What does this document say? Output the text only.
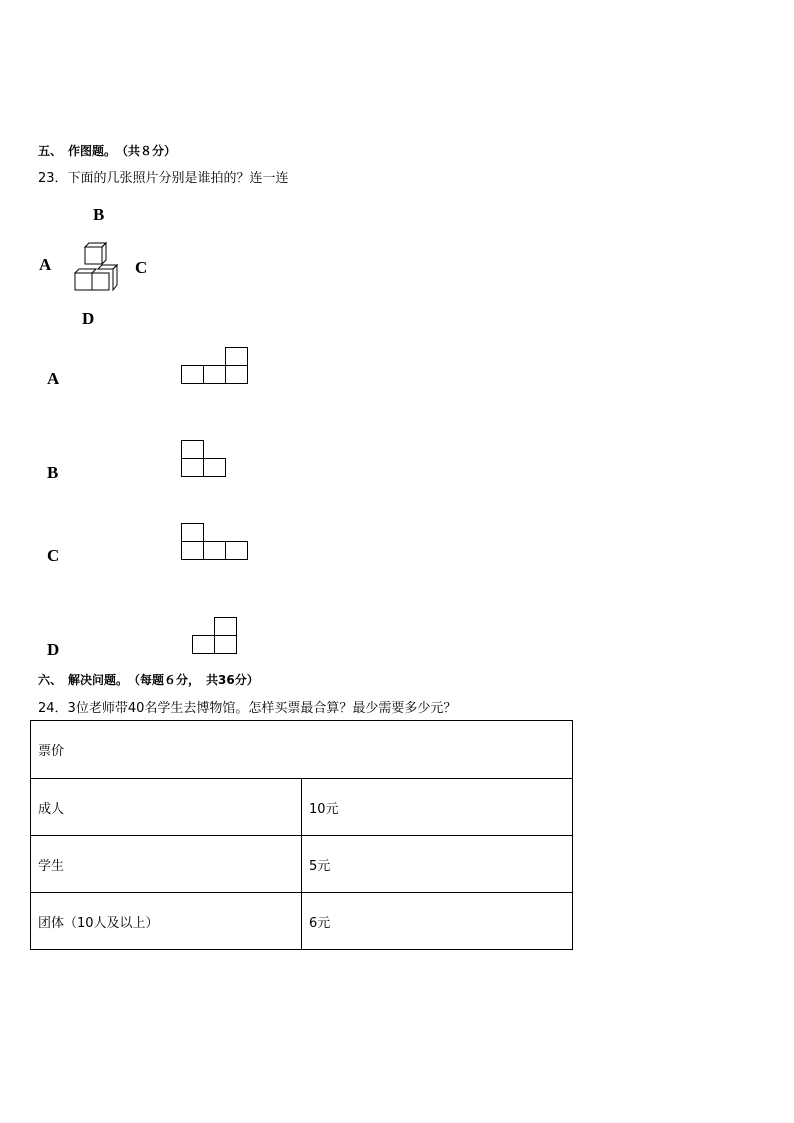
五、　作图题。　（共８分）
23．下面的几张照片分别是谁拍的？连一连
B
A	C
D
A
B
C
D
六、　解决问题。　（每题６分，　共36分）
24．3位老师带40名学生去博物馆。怎样买票最合算？最少需要多少元？
票价	
成人	10元
学生	5元
团体（10人及以上）	6元
